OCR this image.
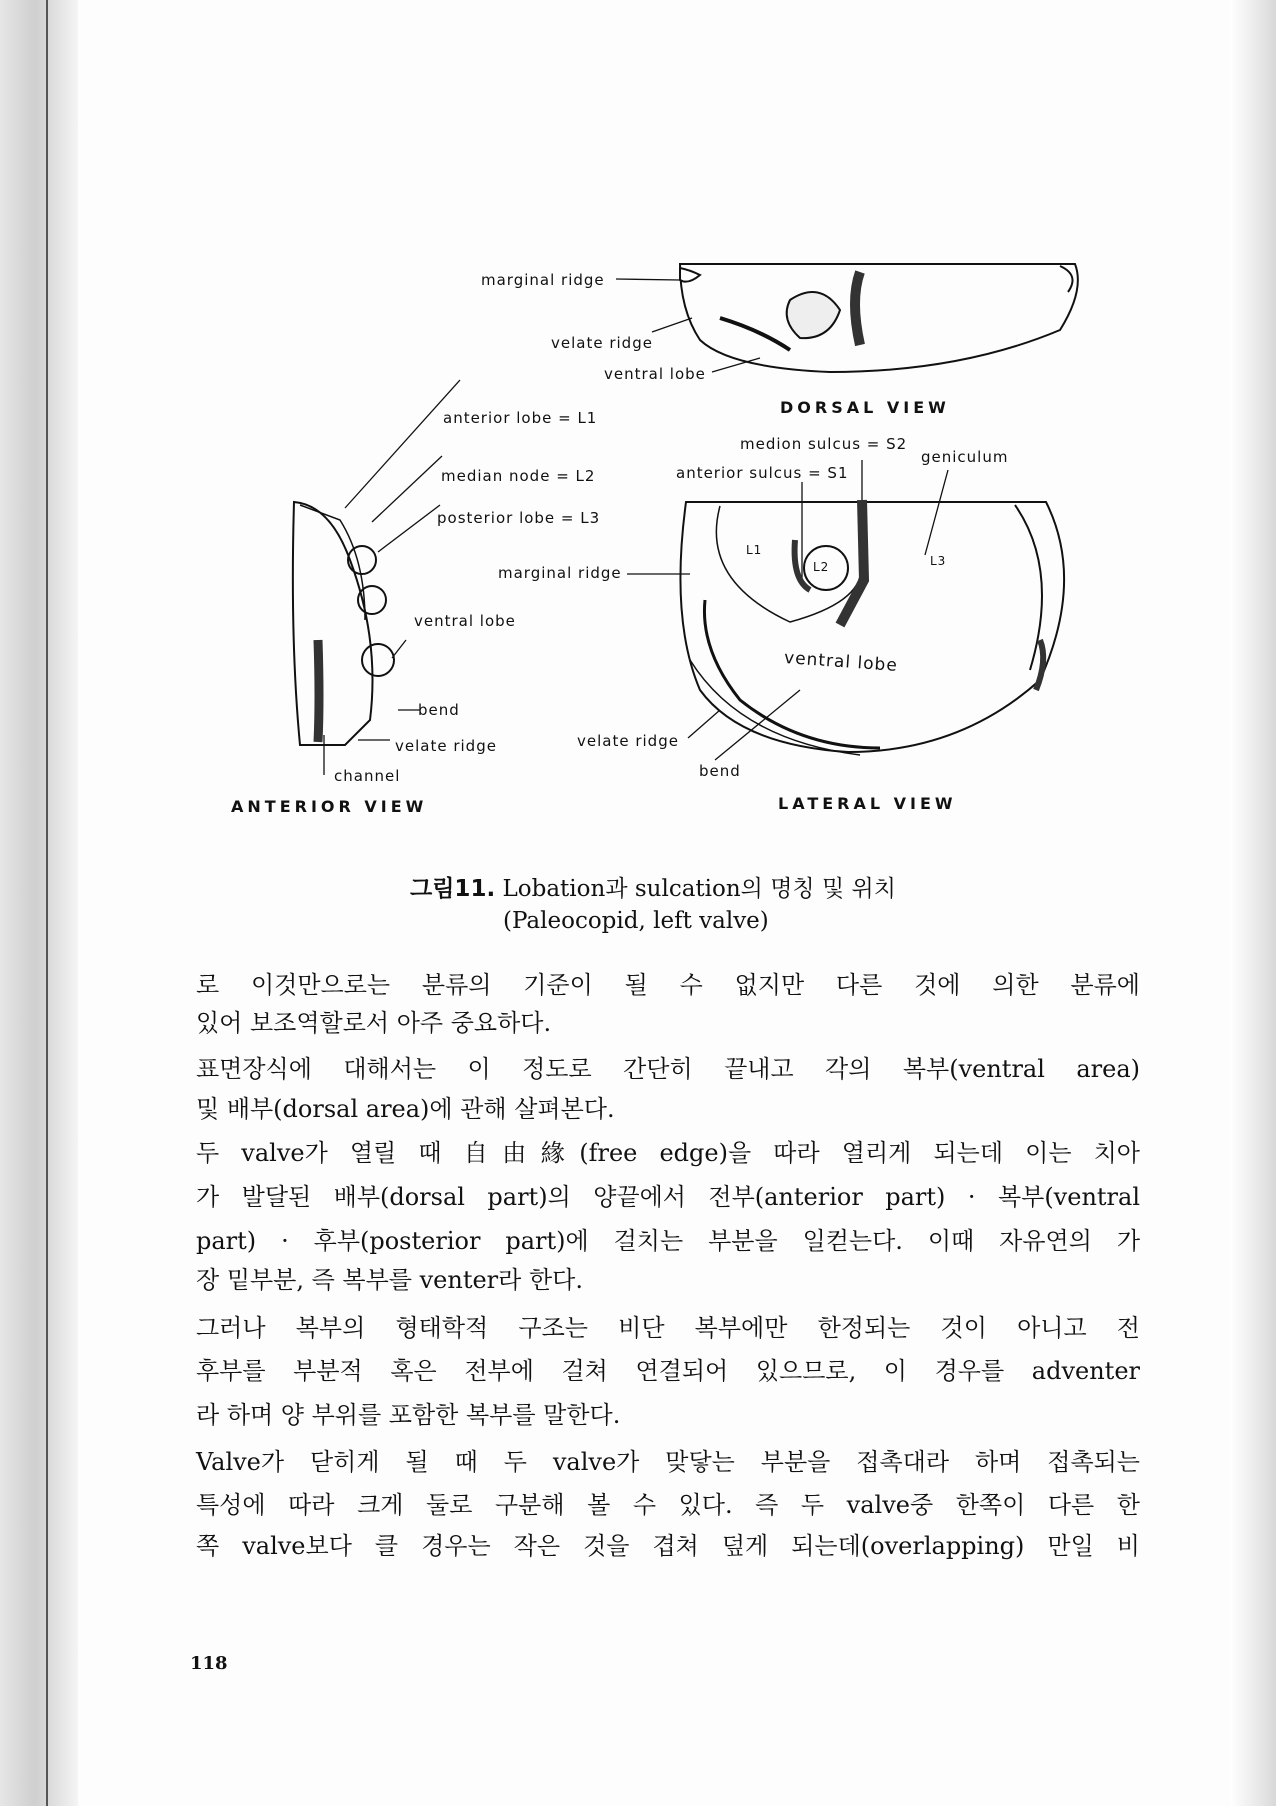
marginal ridge
velate ridge
ventral lobe
DORSAL VIEW
anterior lobe = L1
medion sulcus = S2
geniculum
median node = L2	anterior sulcus = S1
posterior lobe = L3
marginal ridge
L1
L2	L3
ventral lobe
ventral lobe
bend
velate ridge
channel
velate ridge
bend
ANTERIOR VIEW	LATERAL VIEW
그림11. Lobation과 sulcation의 명칭 및 위치
(Paleocopid, left valve)
로 이것만으로는 분류의 기준이 될 수 없지만 다른 것에 의한 분류에
있어 보조역할로서 아주 중요하다.
표면장식에 대해서는 이 정도로 간단히 끝내고 각의 복부(ventral area)
및 배부(dorsal area)에 관해 살펴본다.
두 valve가 열릴 때 自由緣(free edge)을 따라 열리게 되는데 이는 치아
가 발달된 배부(dorsal part)의 양끝에서 전부(anterior part) · 복부(ventral
part) · 후부(posterior part)에 걸치는 부분을 일컫는다. 이때 자유연의 가
장 밑부분, 즉 복부를 venter라 한다.
그러나 복부의 형태학적 구조는 비단 복부에만 한정되는 것이 아니고 전
후부를 부분적 혹은 전부에 걸쳐 연결되어 있으므로, 이 경우를 adventer
라 하며 양 부위를 포함한 복부를 말한다.
Valve가 닫히게 될 때 두 valve가 맞닿는 부분을 접촉대라 하며 접촉되는
특성에 따라 크게 둘로 구분해 볼 수 있다. 즉 두 valve중 한쪽이 다른 한
쪽 valve보다 클 경우는 작은 것을 겹쳐 덮게 되는데(overlapping) 만일 비
118
